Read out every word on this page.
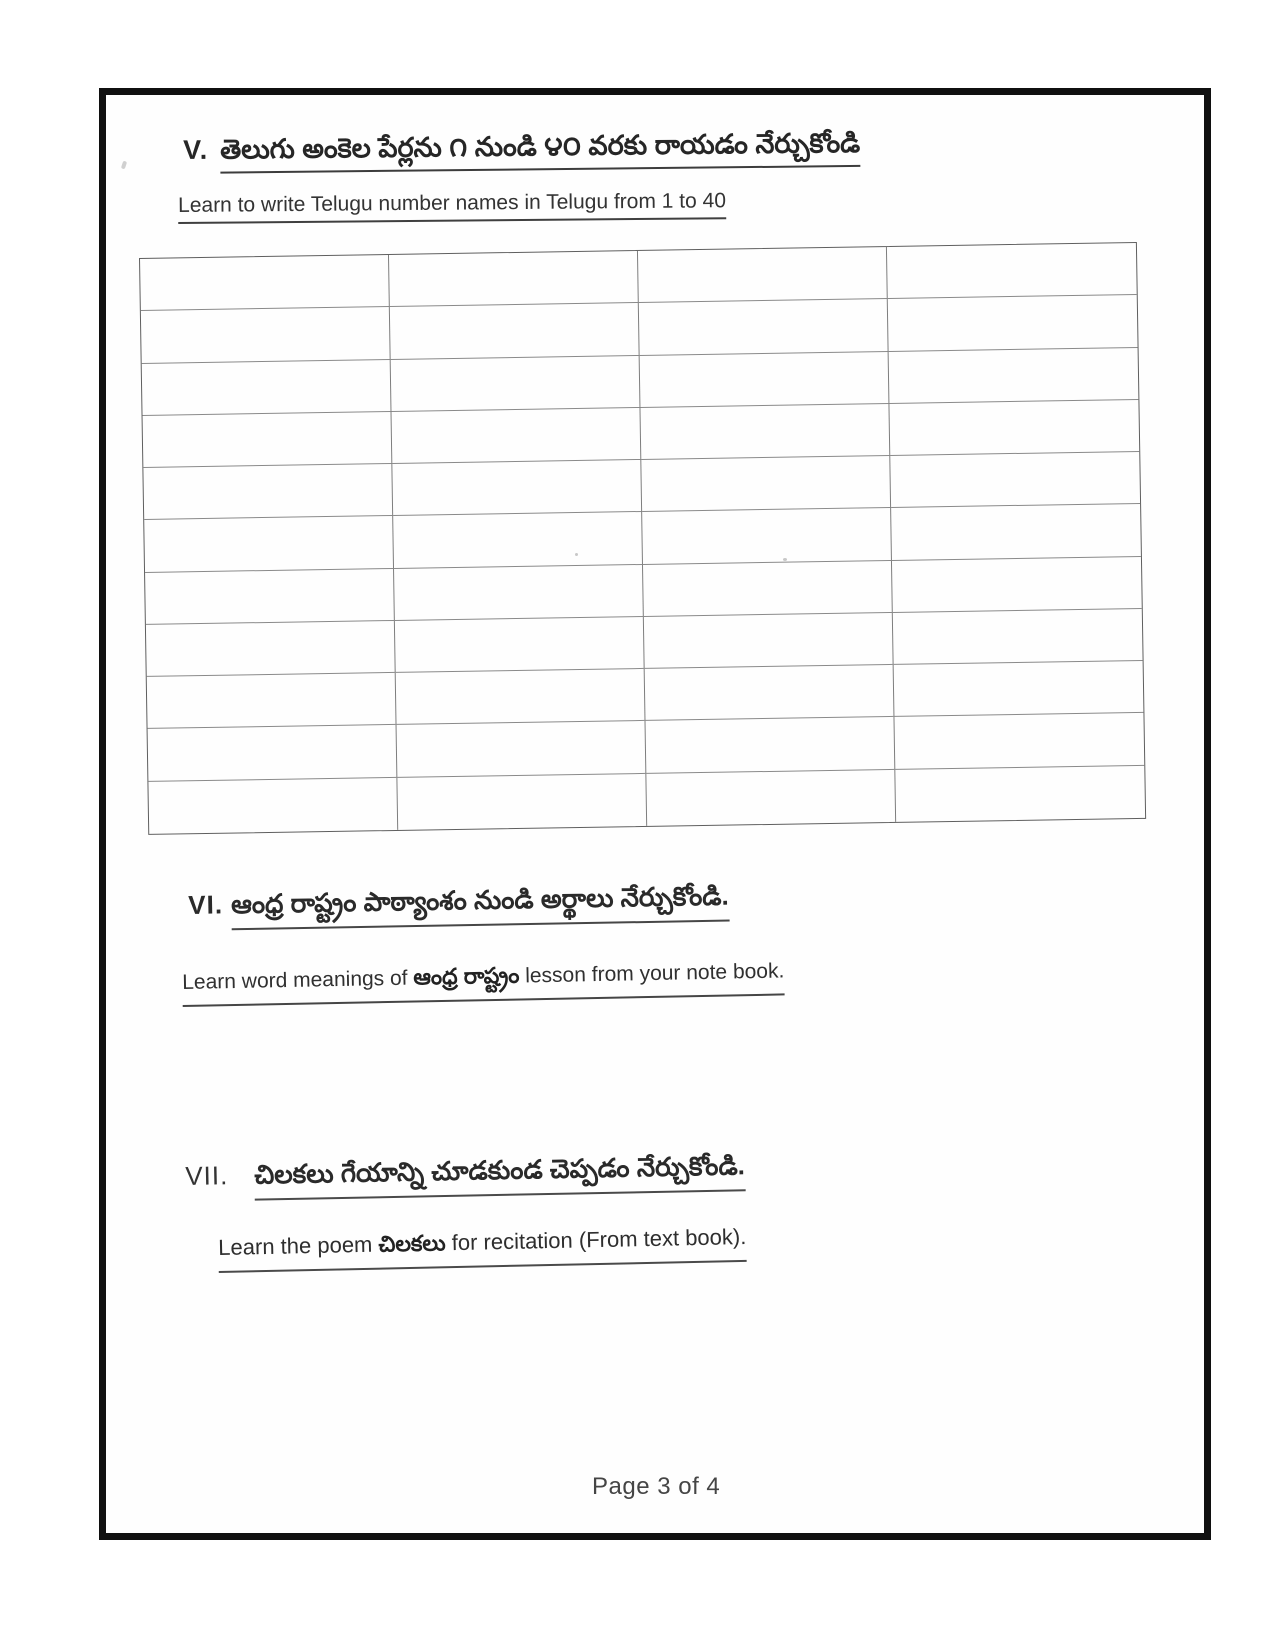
V. తెలుగు అంకెల పేర్లను ౧ నుండి ౪౦ వరకు రాయడం నేర్చుకోండి
Learn to write Telugu number names in Telugu from 1 to 40
VI. ఆంధ్ర రాష్ట్రం పాఠ్యాంశం నుండి అర్థాలు నేర్చుకోండి.
Learn word meanings of ఆంధ్ర రాష్ట్రం lesson from your note book.
VII. చిలకలు గేయాన్ని చూడకుండ చెప్పడం నేర్చుకోండి.
Learn the poem చిలకలు for recitation (From text book).
Page 3 of 4
